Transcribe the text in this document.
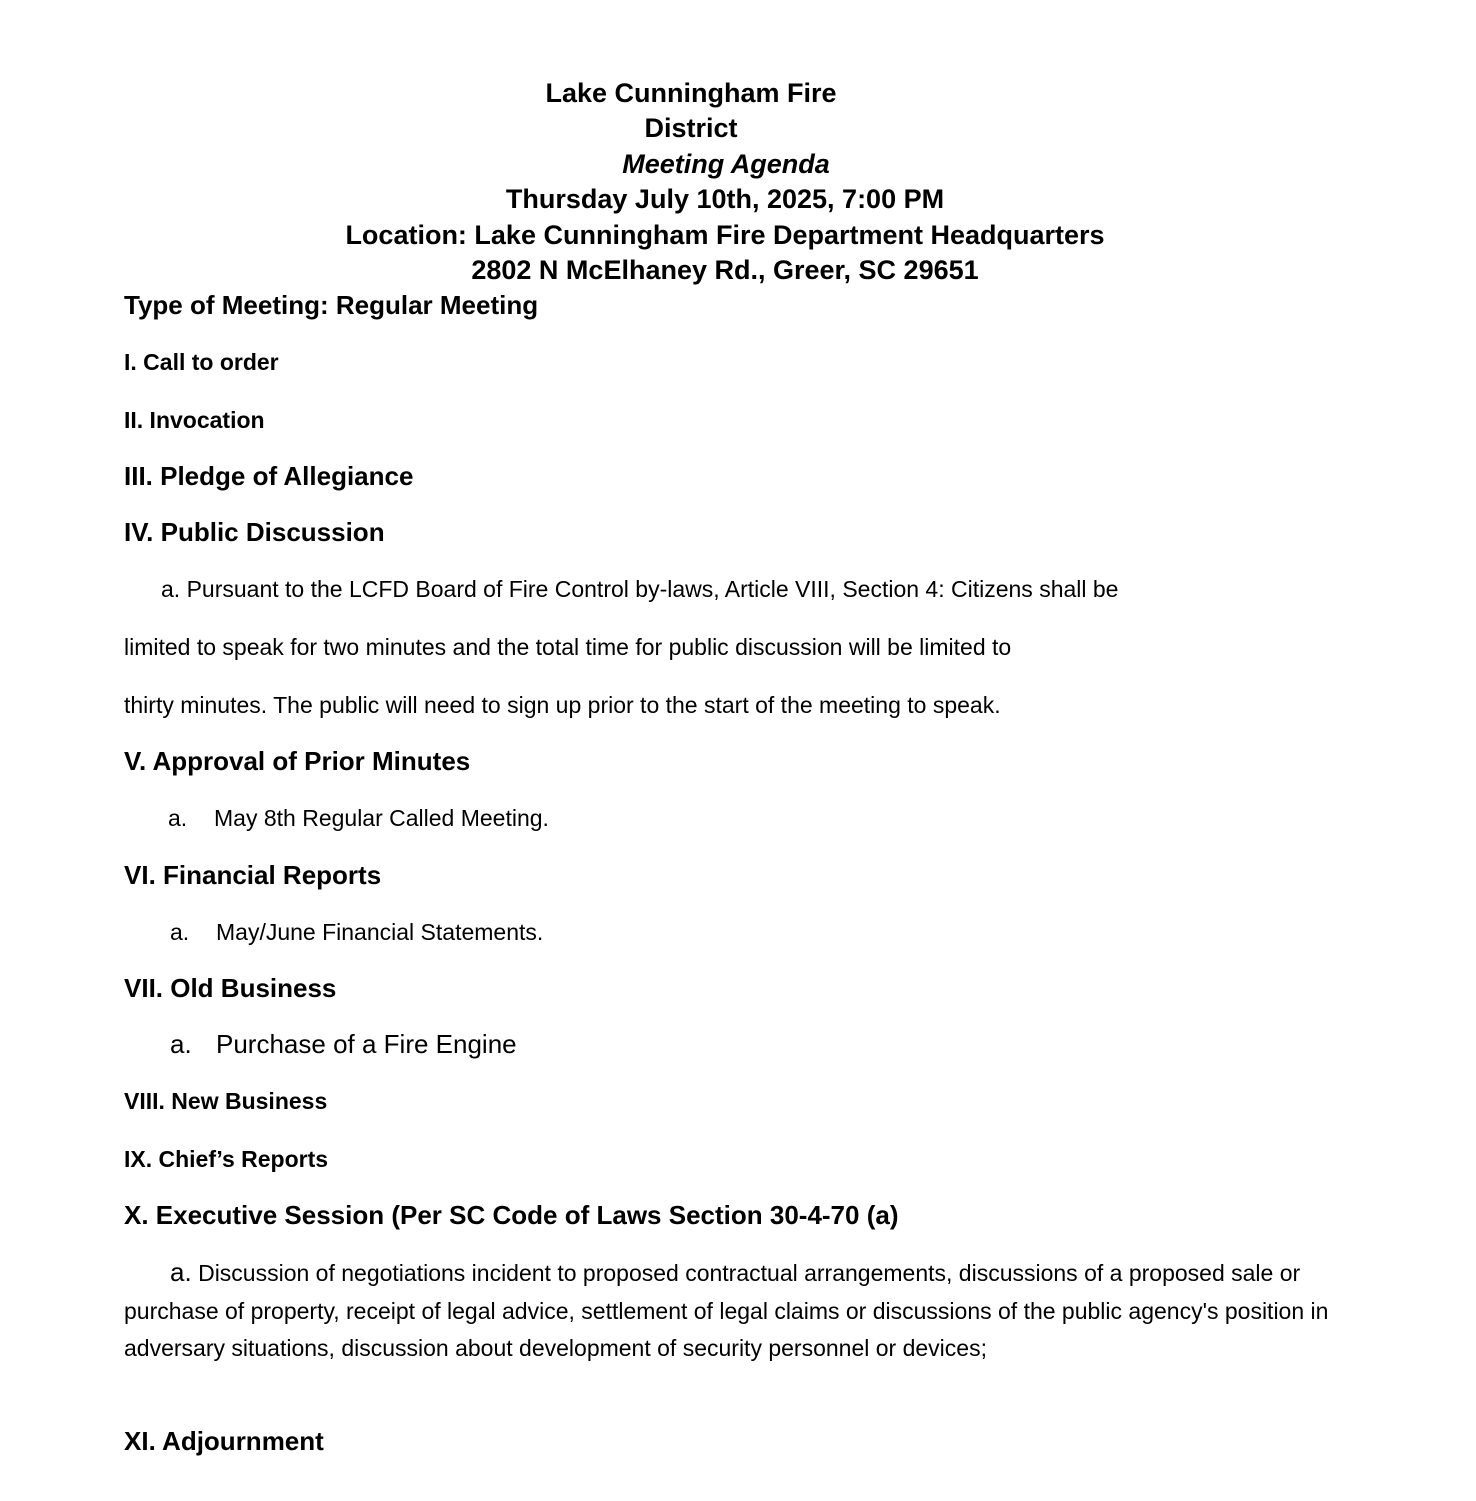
Lake Cunningham Fire
District
Meeting Agenda
Thursday July 10th, 2025, 7:00 PM
Location: Lake Cunningham Fire Department Headquarters
2802 N McElhaney Rd., Greer, SC 29651
Type of Meeting: Regular Meeting
I. Call to order
II. Invocation
III. Pledge of Allegiance
IV. Public Discussion
a. Pursuant to the LCFD Board of Fire Control by-laws, Article VIII, Section 4: Citizens shall be
limited to speak for two minutes and the total time for public discussion will be limited to
thirty minutes. The public will need to sign up prior to the start of the meeting to speak.
V. Approval of Prior Minutes
a. May 8th Regular Called Meeting.
VI. Financial Reports
a. May/June Financial Statements.
VII. Old Business
a. Purchase of a Fire Engine
VIII. New Business
IX. Chief’s Reports
X. Executive Session (Per SC Code of Laws Section 30-4-70 (a)
a. Discussion of negotiations incident to proposed contractual arrangements, discussions of a proposed sale or purchase of property, receipt of legal advice, settlement of legal claims or discussions of the public agency's position in adversary situations, discussion about development of security personnel or devices;
XI. Adjournment
